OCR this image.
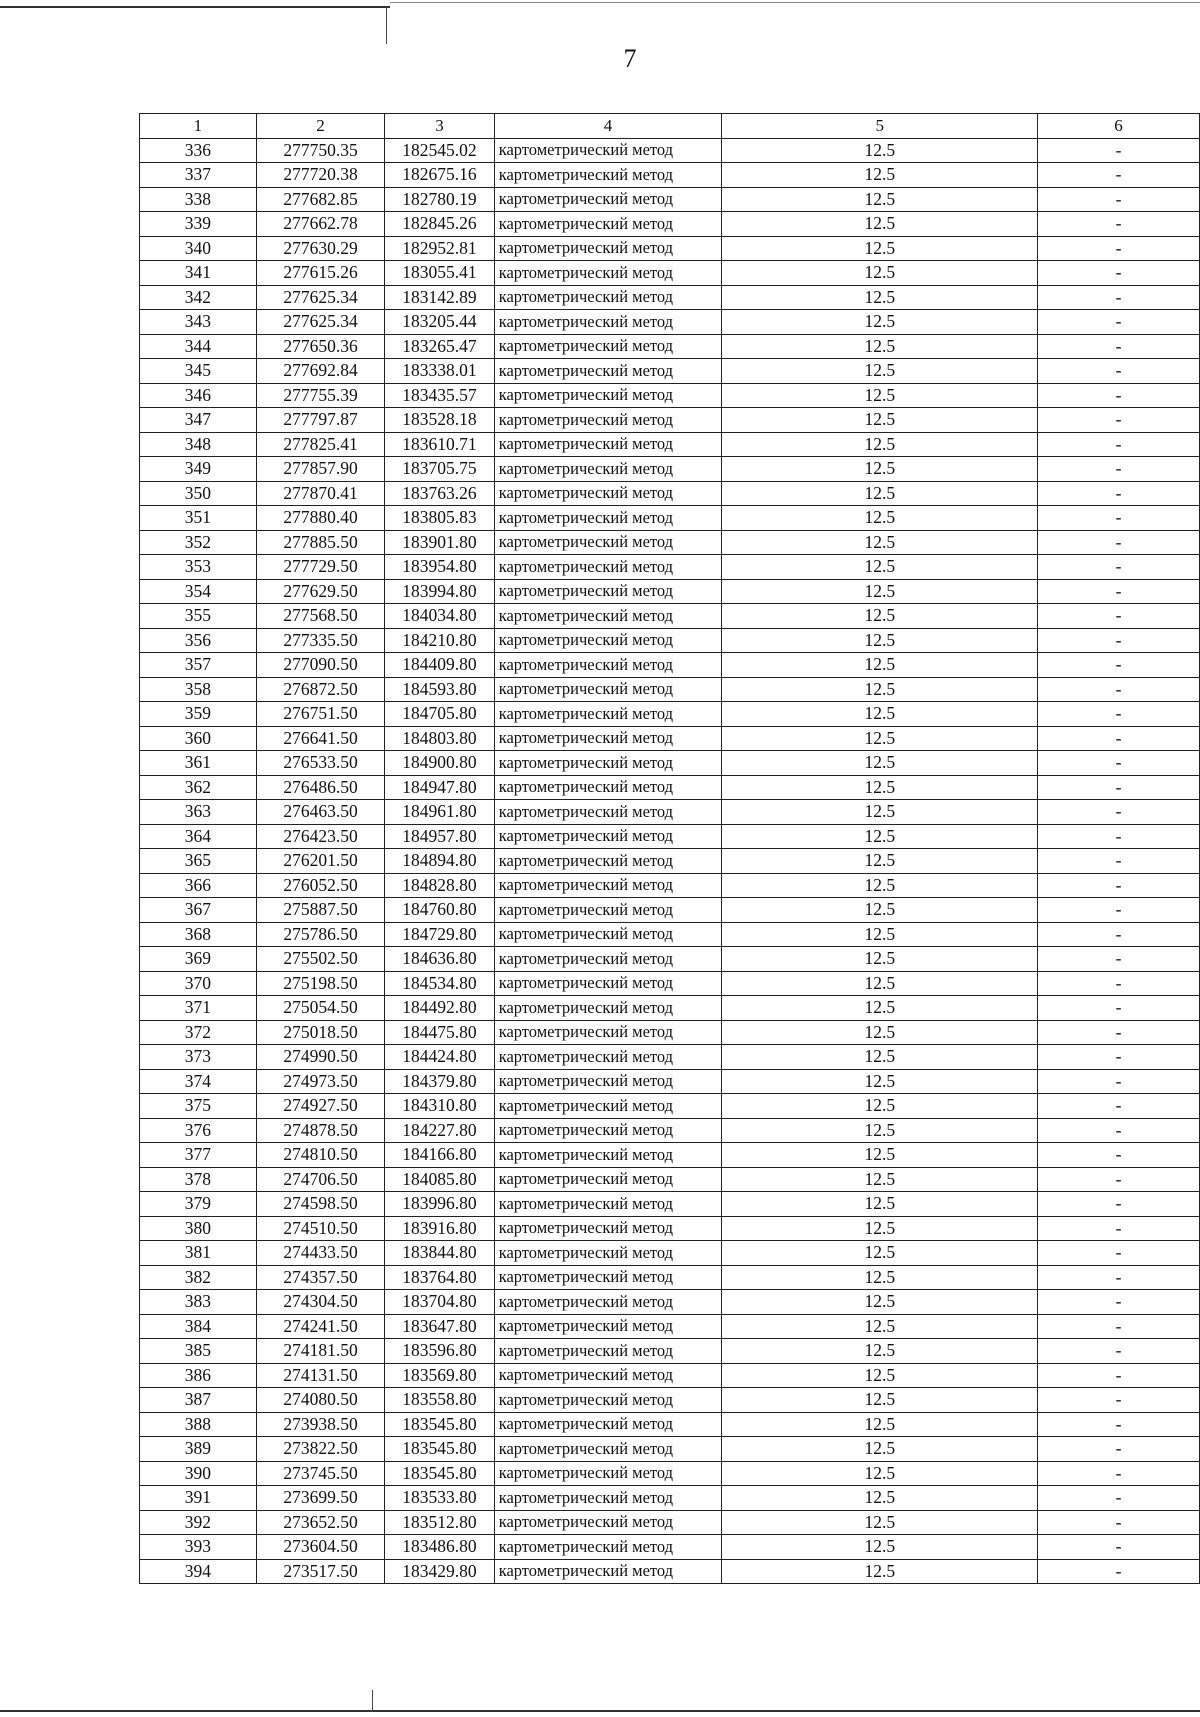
7
1	2	3	4	5	6
336	277750.35	182545.02	картометрический метод	12.5	-
337	277720.38	182675.16	картометрический метод	12.5	-
338	277682.85	182780.19	картометрический метод	12.5	-
339	277662.78	182845.26	картометрический метод	12.5	-
340	277630.29	182952.81	картометрический метод	12.5	-
341	277615.26	183055.41	картометрический метод	12.5	-
342	277625.34	183142.89	картометрический метод	12.5	-
343	277625.34	183205.44	картометрический метод	12.5	-
344	277650.36	183265.47	картометрический метод	12.5	-
345	277692.84	183338.01	картометрический метод	12.5	-
346	277755.39	183435.57	картометрический метод	12.5	-
347	277797.87	183528.18	картометрический метод	12.5	-
348	277825.41	183610.71	картометрический метод	12.5	-
349	277857.90	183705.75	картометрический метод	12.5	-
350	277870.41	183763.26	картометрический метод	12.5	-
351	277880.40	183805.83	картометрический метод	12.5	-
352	277885.50	183901.80	картометрический метод	12.5	-
353	277729.50	183954.80	картометрический метод	12.5	-
354	277629.50	183994.80	картометрический метод	12.5	-
355	277568.50	184034.80	картометрический метод	12.5	-
356	277335.50	184210.80	картометрический метод	12.5	-
357	277090.50	184409.80	картометрический метод	12.5	-
358	276872.50	184593.80	картометрический метод	12.5	-
359	276751.50	184705.80	картометрический метод	12.5	-
360	276641.50	184803.80	картометрический метод	12.5	-
361	276533.50	184900.80	картометрический метод	12.5	-
362	276486.50	184947.80	картометрический метод	12.5	-
363	276463.50	184961.80	картометрический метод	12.5	-
364	276423.50	184957.80	картометрический метод	12.5	-
365	276201.50	184894.80	картометрический метод	12.5	-
366	276052.50	184828.80	картометрический метод	12.5	-
367	275887.50	184760.80	картометрический метод	12.5	-
368	275786.50	184729.80	картометрический метод	12.5	-
369	275502.50	184636.80	картометрический метод	12.5	-
370	275198.50	184534.80	картометрический метод	12.5	-
371	275054.50	184492.80	картометрический метод	12.5	-
372	275018.50	184475.80	картометрический метод	12.5	-
373	274990.50	184424.80	картометрический метод	12.5	-
374	274973.50	184379.80	картометрический метод	12.5	-
375	274927.50	184310.80	картометрический метод	12.5	-
376	274878.50	184227.80	картометрический метод	12.5	-
377	274810.50	184166.80	картометрический метод	12.5	-
378	274706.50	184085.80	картометрический метод	12.5	-
379	274598.50	183996.80	картометрический метод	12.5	-
380	274510.50	183916.80	картометрический метод	12.5	-
381	274433.50	183844.80	картометрический метод	12.5	-
382	274357.50	183764.80	картометрический метод	12.5	-
383	274304.50	183704.80	картометрический метод	12.5	-
384	274241.50	183647.80	картометрический метод	12.5	-
385	274181.50	183596.80	картометрический метод	12.5	-
386	274131.50	183569.80	картометрический метод	12.5	-
387	274080.50	183558.80	картометрический метод	12.5	-
388	273938.50	183545.80	картометрический метод	12.5	-
389	273822.50	183545.80	картометрический метод	12.5	-
390	273745.50	183545.80	картометрический метод	12.5	-
391	273699.50	183533.80	картометрический метод	12.5	-
392	273652.50	183512.80	картометрический метод	12.5	-
393	273604.50	183486.80	картометрический метод	12.5	-
394	273517.50	183429.80	картометрический метод	12.5	-
